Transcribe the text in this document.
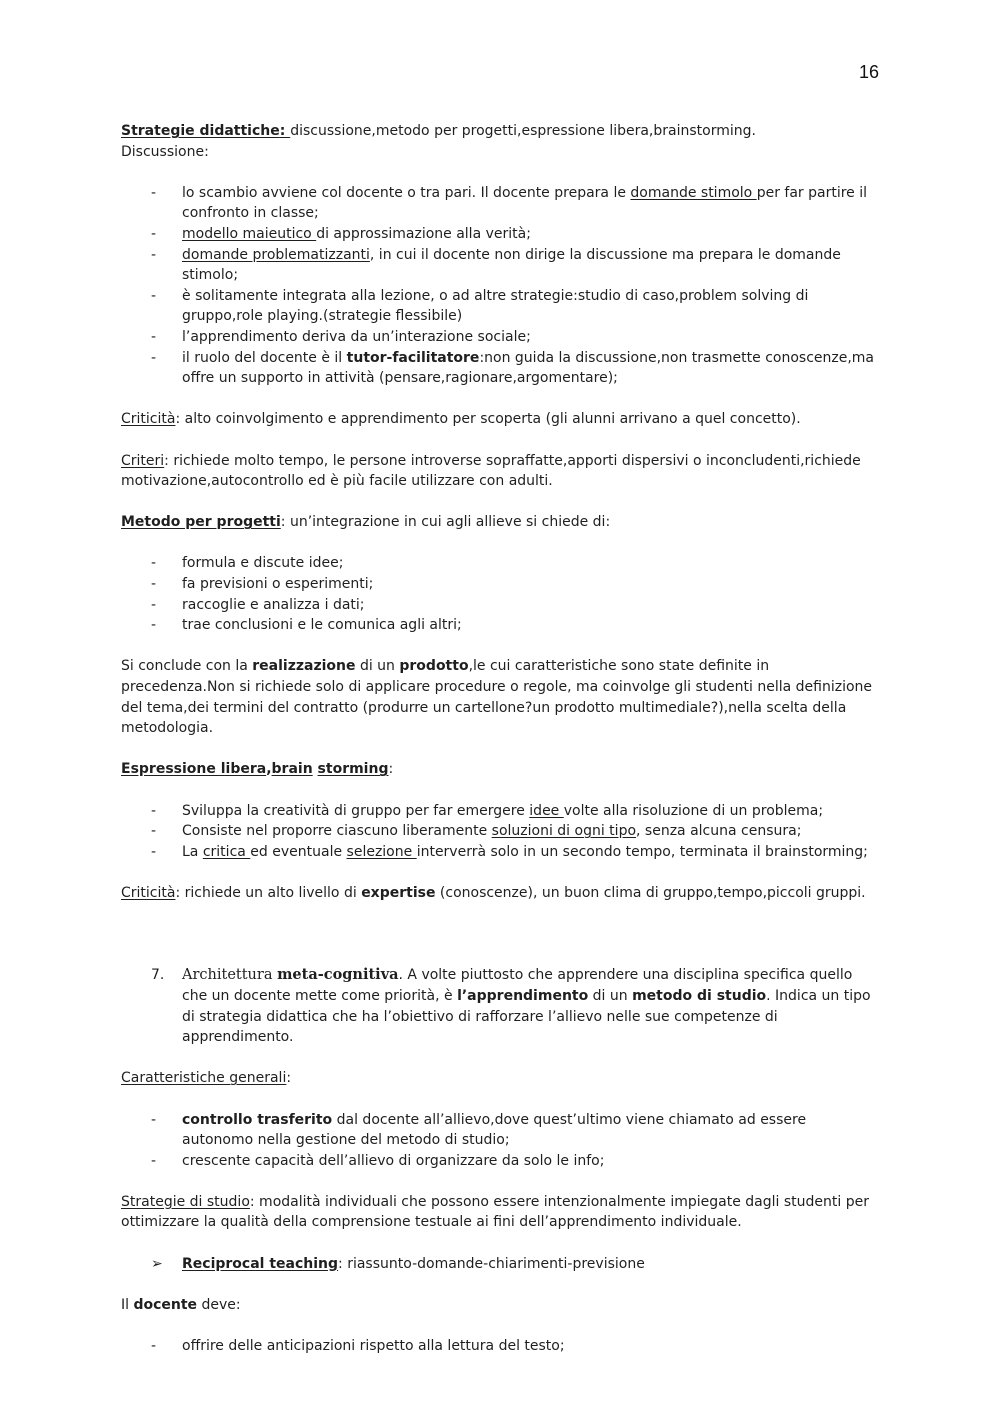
16

Strategie didattiche: discussione,metodo per progetti,espressione libera,brainstorming.

Discussione:

- lo scambio avviene col docente o tra pari. Il docente prepara le domande stimolo per far partire il confronto in classe;
- modello maieutico di approssimazione alla verità;
- domande problematizzanti, in cui il docente non dirige la discussione ma prepara le domande stimolo;
- è solitamente integrata alla lezione, o ad altre strategie:studio di caso,problem solving di gruppo,role playing.(strategie flessibile)
- l’apprendimento deriva da un’interazione sociale;
- il ruolo del docente è il tutor-facilitatore:non guida la discussione,non trasmette conoscenze,ma offre un supporto in attività (pensare,ragionare,argomentare);

Criticità: alto coinvolgimento e apprendimento per scoperta (gli alunni arrivano a quel concetto).

Criteri: richiede molto tempo, le persone introverse sopraffatte,apporti dispersivi o inconcludenti,richiede motivazione,autocontrollo ed è più facile utilizzare con adulti.

Metodo per progetti: un’integrazione in cui agli allieve si chiede di:

- formula e discute idee;
- fa previsioni o esperimenti;
- raccoglie e analizza i dati;
- trae conclusioni e le comunica agli altri;

Si conclude con la realizzazione di un prodotto,le cui caratteristiche sono state definite in precedenza.Non si richiede solo di applicare procedure o regole, ma coinvolge gli studenti nella definizione del tema,dei termini del contratto (produrre un cartellone?un prodotto multimediale?),nella scelta della metodologia.

Espressione libera,brain storming:

- Sviluppa la creatività di gruppo per far emergere idee volte alla risoluzione di un problema;
- Consiste nel proporre ciascuno liberamente soluzioni di ogni tipo, senza alcuna censura;
- La critica ed eventuale selezione interverrà solo in un secondo tempo, terminata il brainstorming;

Criticità: richiede un alto livello di expertise (conoscenze), un buon clima di gruppo,tempo,piccoli gruppi.

7. Architettura meta-cognitiva. A volte piuttosto che apprendere una disciplina specifica quello che un docente mette come priorità, è l’apprendimento di un metodo di studio. Indica un tipo di strategia didattica che ha l’obiettivo di rafforzare l’allievo nelle sue competenze di apprendimento.

Caratteristiche generali:

- controllo trasferito dal docente all’allievo,dove quest’ultimo viene chiamato ad essere autonomo nella gestione del metodo di studio;
- crescente capacità dell’allievo di organizzare da solo le info;

Strategie di studio: modalità individuali che possono essere intenzionalmente impiegate dagli studenti per ottimizzare la qualità della comprensione testuale ai fini dell’apprendimento individuale.

➢ Reciprocal teaching: riassunto-domande-chiarimenti-previsione

Il docente deve:

- offrire delle anticipazioni rispetto alla lettura del testo;
